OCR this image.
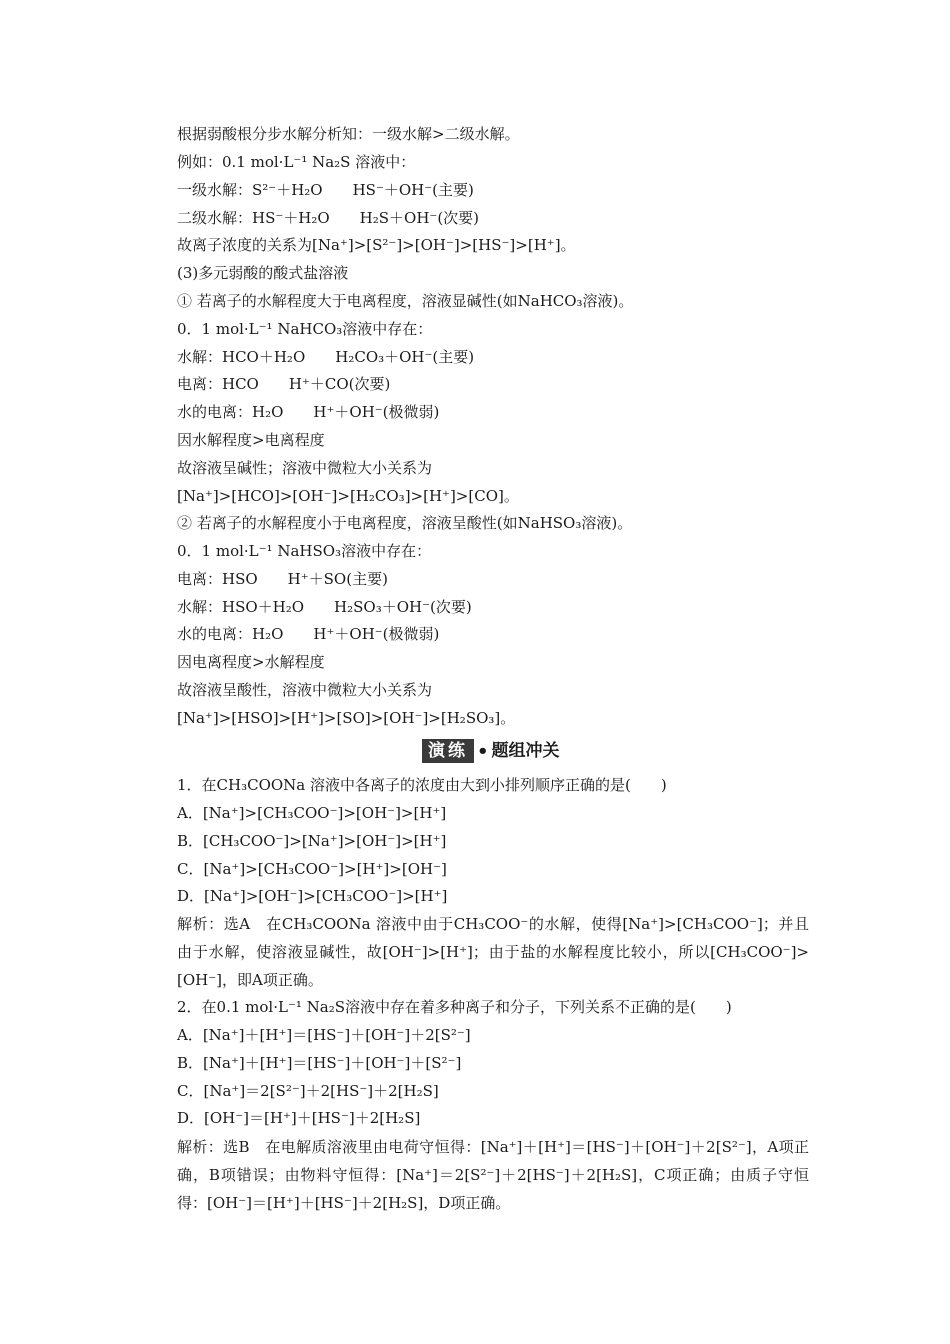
根据弱酸根分步水解分析知：一级水解>二级水解。
例如：0.1 mol·L⁻¹ Na₂S 溶液中：
一级水解：S²⁻＋H₂O　　HS⁻＋OH⁻(主要)
二级水解：HS⁻＋H₂O　　H₂S＋OH⁻(次要)
故离子浓度的关系为[Na⁺]>[S²⁻]>[OH⁻]>[HS⁻]>[H⁺]。
(3)多元弱酸的酸式盐溶液
① 若离子的水解程度大于电离程度，溶液显碱性(如NaHCO₃溶液)。
0．1 mol·L⁻¹ NaHCO₃溶液中存在：
水解：HCO＋H₂O　　H₂CO₃＋OH⁻(主要)
电离：HCO　　H⁺＋CO(次要)
水的电离：H₂O　　H⁺＋OH⁻(极微弱)
因水解程度>电离程度
故溶液呈碱性；溶液中微粒大小关系为
[Na⁺]>[HCO]>[OH⁻]>[H₂CO₃]>[H⁺]>[CO]。
② 若离子的水解程度小于电离程度，溶液呈酸性(如NaHSO₃溶液)。
0．1 mol·L⁻¹ NaHSO₃溶液中存在：
电离：HSO　　H⁺＋SO(主要)
水解：HSO＋H₂O　　H₂SO₃＋OH⁻(次要)
水的电离：H₂O　　H⁺＋OH⁻(极微弱)
因电离程度>水解程度
故溶液呈酸性，溶液中微粒大小关系为
[Na⁺]>[HSO]>[H⁺]>[SO]>[OH⁻]>[H₂SO₃]。
演练 • 题组冲关
1．在CH₃COONa 溶液中各离子的浓度由大到小排列顺序正确的是(　　)
A．[Na⁺]>[CH₃COO⁻]>[OH⁻]>[H⁺]
B．[CH₃COO⁻]>[Na⁺]>[OH⁻]>[H⁺]
C．[Na⁺]>[CH₃COO⁻]>[H⁺]>[OH⁻]
D．[Na⁺]>[OH⁻]>[CH₃COO⁻]>[H⁺]
解析：选A　在CH₃COONa 溶液中由于CH₃COO⁻的水解，使得[Na⁺]>[CH₃COO⁻]；并且由于水解，使溶液显碱性，故[OH⁻]>[H⁺]；由于盐的水解程度比较小，所以[CH₃COO⁻]>[OH⁻]，即A项正确。
2．在0.1 mol·L⁻¹ Na₂S溶液中存在着多种离子和分子，下列关系不正确的是(　　)
A．[Na⁺]＋[H⁺]＝[HS⁻]＋[OH⁻]＋2[S²⁻]
B．[Na⁺]＋[H⁺]＝[HS⁻]＋[OH⁻]＋[S²⁻]
C．[Na⁺]＝2[S²⁻]＋2[HS⁻]＋2[H₂S]
D．[OH⁻]＝[H⁺]＋[HS⁻]＋2[H₂S]
解析：选B　在电解质溶液里由电荷守恒得：[Na⁺]＋[H⁺]＝[HS⁻]＋[OH⁻]＋2[S²⁻]，A项正确，B项错误；由物料守恒得：[Na⁺]＝2[S²⁻]＋2[HS⁻]＋2[H₂S]，C项正确；由质子守恒得：[OH⁻]＝[H⁺]＋[HS⁻]＋2[H₂S]，D项正确。
